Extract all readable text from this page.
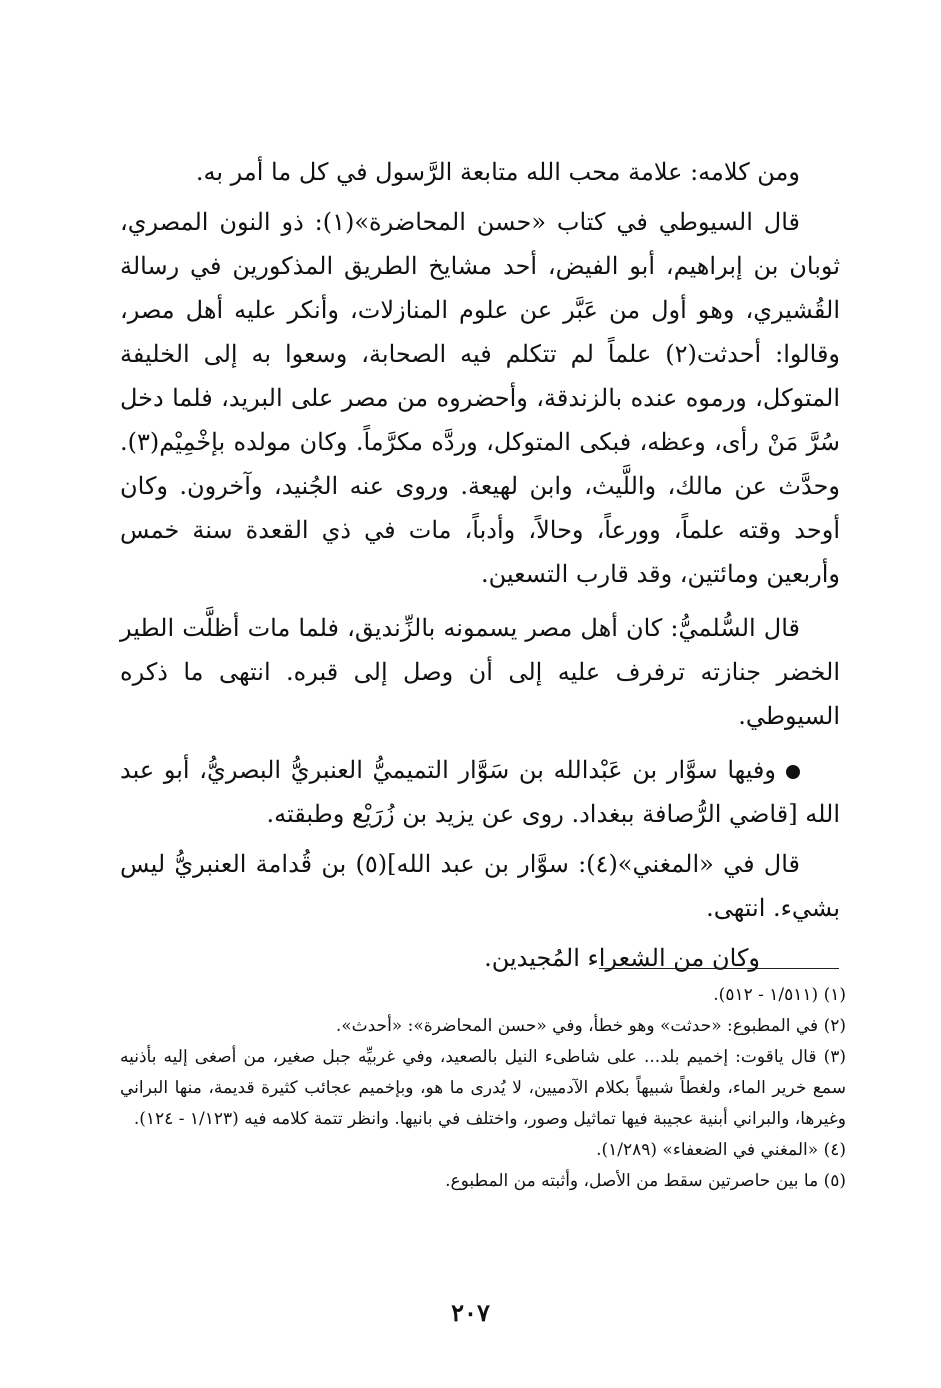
ومن كلامه: علامة محب الله متابعة الرَّسول في كل ما أمر به.

قال السيوطي في كتاب «حسن المحاضرة»(١): ذو النون المصري، ثوبان بن إبراهيم، أبو الفيض، أحد مشايخ الطريق المذكورين في رسالة القُشيري، وهو أول من عَبَّر عن علوم المنازلات، وأنكر عليه أهل مصر، وقالوا: أحدثت(٢) علماً لم تتكلم فيه الصحابة، وسعوا به إلى الخليفة المتوكل، ورموه عنده بالزندقة، وأحضروه من مصر على البريد، فلما دخل سُرَّ مَنْ رأى، وعظه، فبكى المتوكل، وردَّه مكرَّماً. وكان مولده بإخْمِيْم(٣). وحدَّث عن مالك، واللَّيث، وابن لهيعة. وروى عنه الجُنيد، وآخرون. وكان أوحد وقته علماً، وورعاً، وحالاً، وأدباً، مات في ذي القعدة سنة خمس وأربعين ومائتين، وقد قارب التسعين.

قال السُّلميُّ: كان أهل مصر يسمونه بالزِّنديق، فلما مات أظلَّت الطير الخضر جنازته ترفرف عليه إلى أن وصل إلى قبره. انتهى ما ذكره السيوطي.

وفيها سوَّار بن عَبْدالله بن سَوَّار التميميُّ العنبريُّ البصريُّ، أبو عبد الله [قاضي الرُّصافة ببغداد. روى عن يزيد بن زُرَيْع وطبقته.

قال في «المغني»(٤): سوَّار بن عبد الله](٥) بن قُدامة العنبريُّ ليس بشيء. انتهى.

وكان من الشعراء المُجيدين.

(١) (١/٥١١ - ٥١٢).

(٢) في المطبوع: «حدثت» وهو خطأ، وفي «حسن المحاضرة»: «أحدث».

(٣) قال ياقوت: إخميم بلد... على شاطىء النيل بالصعيد، وفي غربيِّه جبل صغير، من أصغى إليه بأذنيه سمع خرير الماء، ولغطاً شبيهاً بكلام الآدميين، لا يُدرى ما هو، وبإخميم عجائب كثيرة قديمة، منها البراني وغيرها، والبراني أبنية عجيبة فيها تماثيل وصور، واختلف في بانيها. وانظر تتمة كلامه فيه (١/١٢٣ - ١٢٤).

(٤) «المغني في الضعفاء» (١/٢٨٩).

(٥) ما بين حاصرتين سقط من الأصل، وأثبته من المطبوع.

٢٠٧
